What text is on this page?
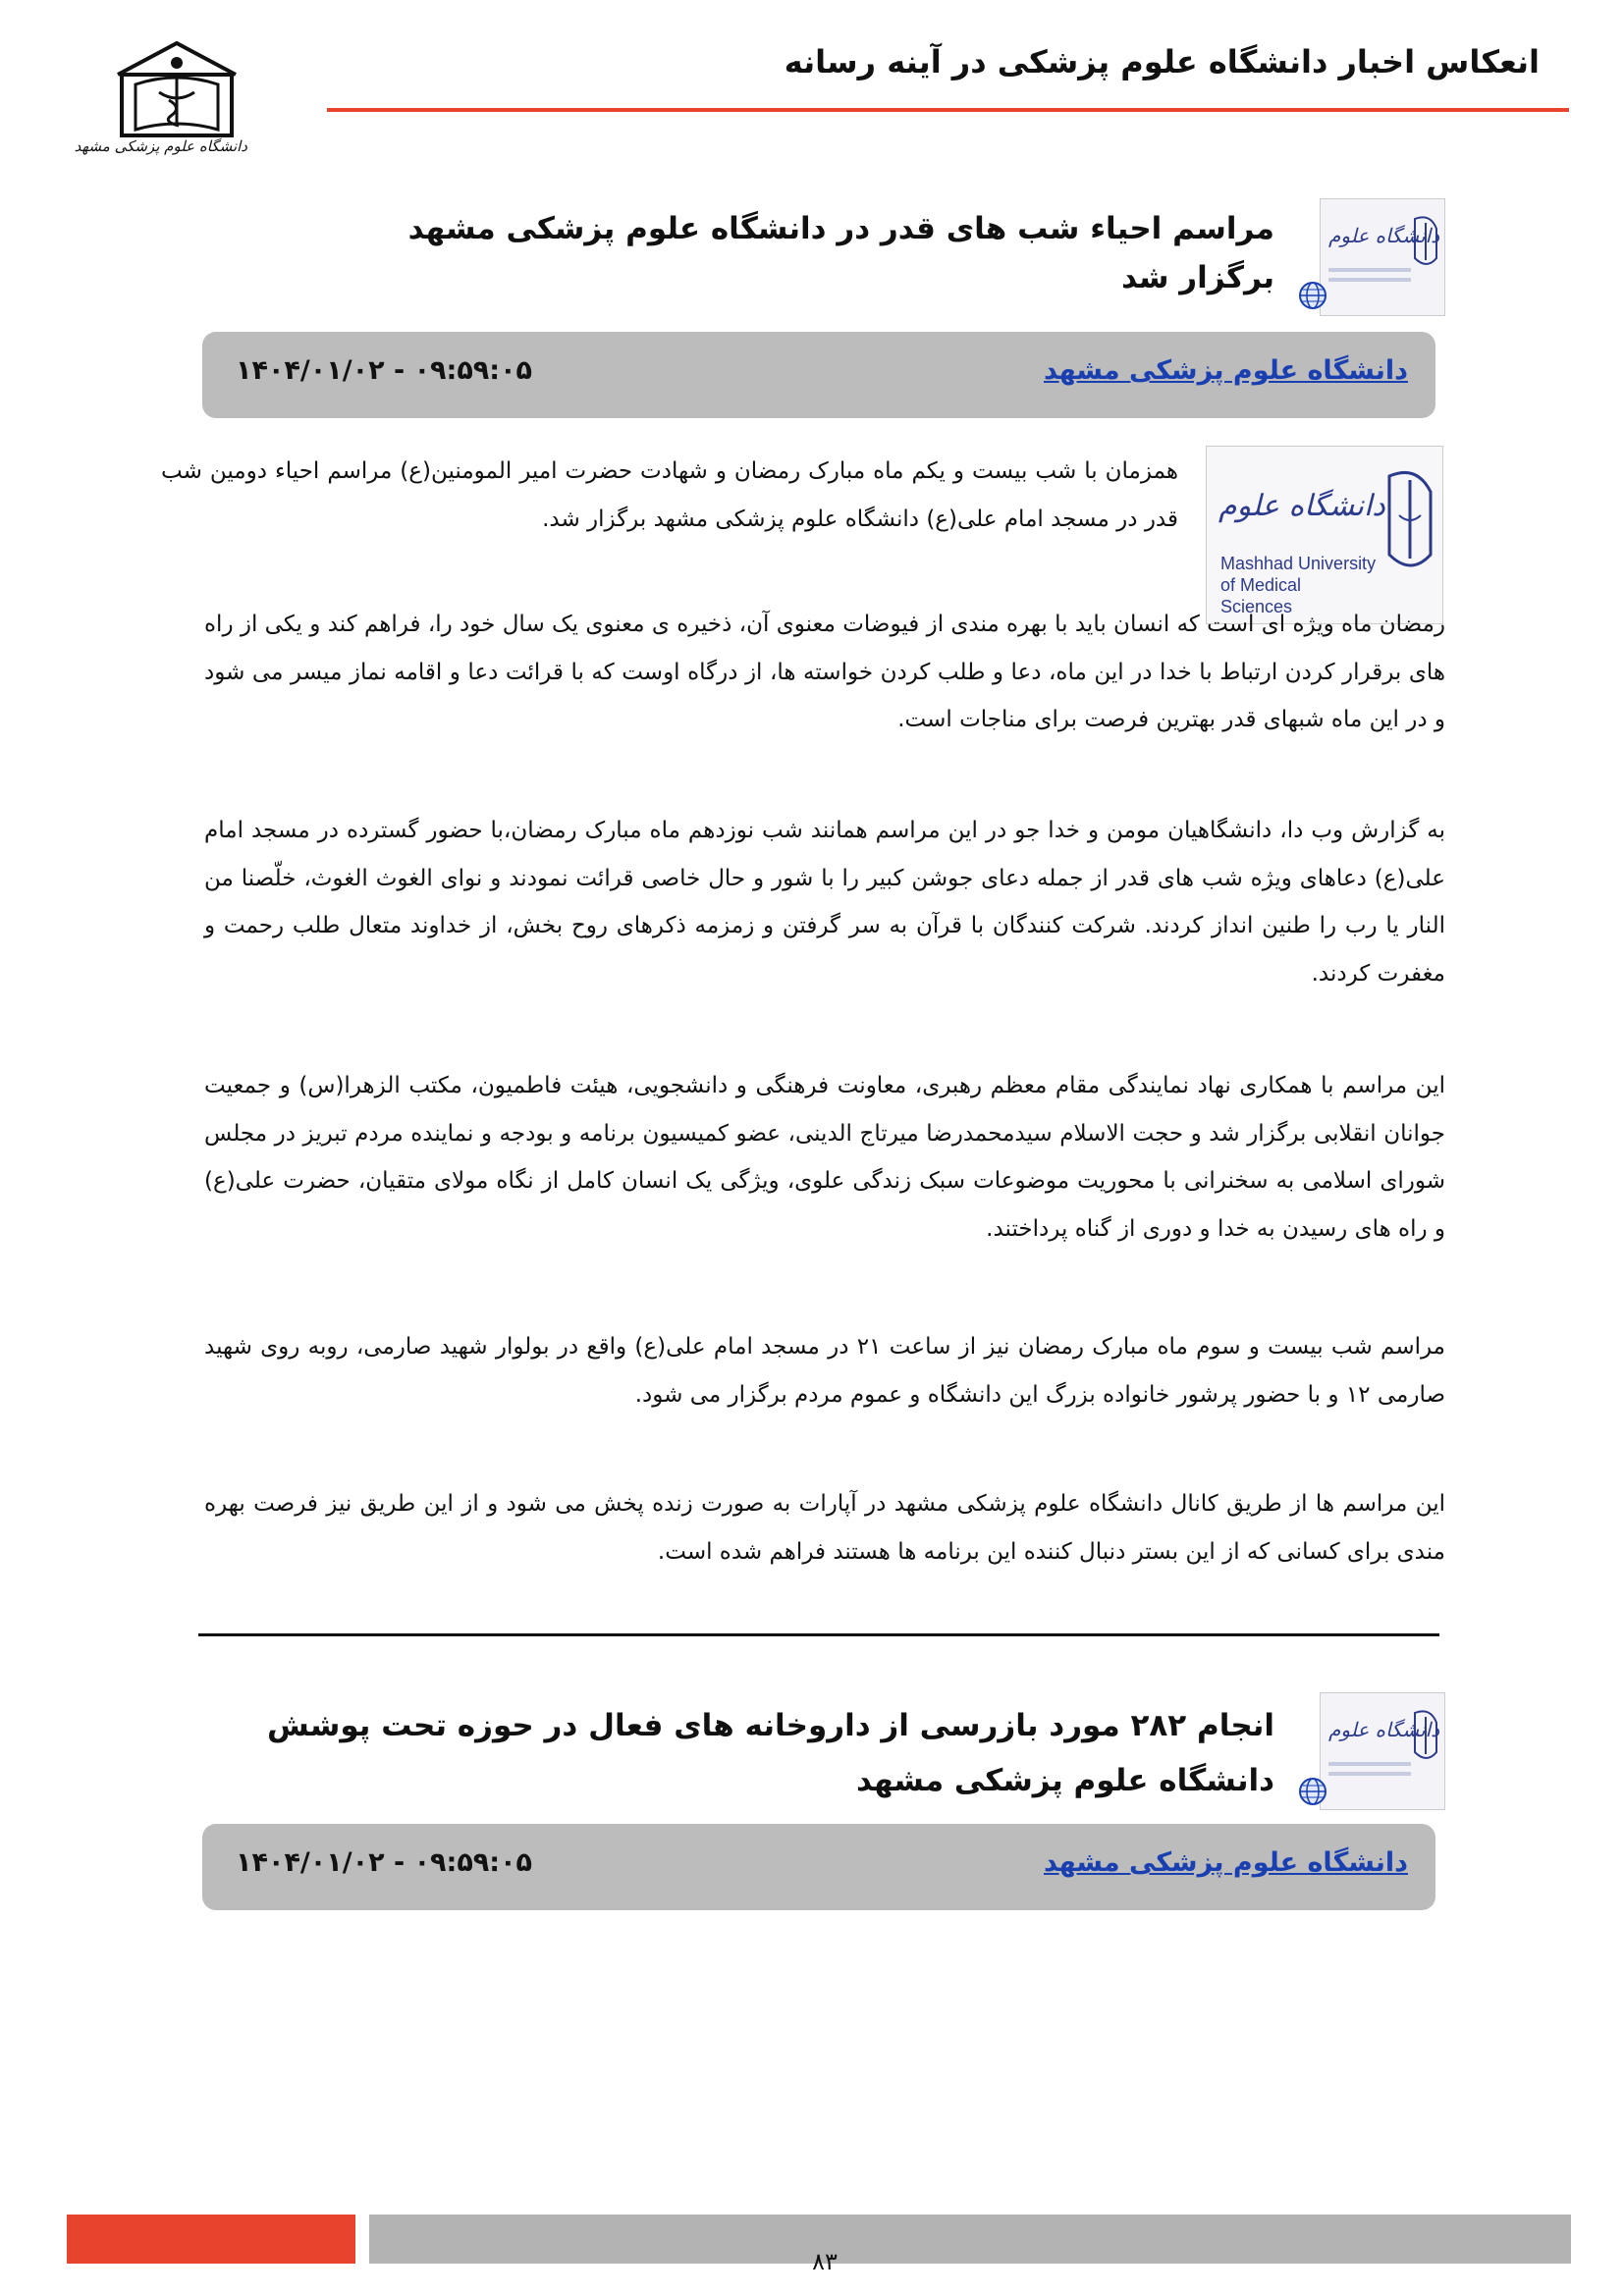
دانشگاه علوم پزشکی مشهد
انعکاس اخبار دانشگاه علوم پزشکی در آینه رسانه
دانشگاه علوم
مراسم احیاء شب های قدر در دانشگاه علوم پزشکی مشهد برگزار شد
دانشگاه علوم پزشکی مشهد
۱۴۰۴/۰۱/۰۲ - ۰۹:۵۹:۰۵
دانشگاه علوم
Mashhad University of Medical Sciences
همزمان با شب بیست و یکم ماه مبارک رمضان و شهادت حضرت امیر المومنین(ع) مراسم احیاء دومین شب قدر در مسجد امام علی(ع) دانشگاه علوم پزشکی مشهد برگزار شد.
رمضان ماه ویژه ای است که انسان باید با بهره مندی از فیوضات معنوی آن، ذخیره ی معنوی یک سال خود را، فراهم کند و یکی از راه های برقرار کردن ارتباط با خدا در این ماه، دعا و طلب کردن خواسته ها، از درگاه اوست که با قرائت دعا و اقامه نماز میسر می شود و در این ماه شبهای قدر بهترین فرصت برای مناجات است.
به گزارش وب دا، دانشگاهیان مومن و خدا جو در این مراسم همانند شب نوزدهم ماه مبارک رمضان،با حضور گسترده در مسجد امام علی(ع) دعاهای ویژه شب های قدر از جمله دعای جوشن کبیر را با شور و حال خاصی قرائت نمودند و نوای الغوث الغوث، خلّصنا من النار یا رب را طنین انداز کردند. شرکت کنندگان با قرآن به سر گرفتن و زمزمه ذکرهای روح بخش، از خداوند متعال طلب رحمت و مغفرت کردند.
این مراسم با همکاری نهاد نمایندگی مقام معظم رهبری، معاونت فرهنگی و دانشجویی، هیئت فاطمیون، مکتب الزهرا(س) و جمعیت جوانان انقلابی برگزار شد و حجت الاسلام سیدمحمدرضا میرتاج الدینی، عضو کمیسیون برنامه و بودجه و نماینده مردم تبریز در مجلس شورای اسلامی به سخنرانی با محوریت موضوعات سبک زندگی علوی، ویژگی یک انسان کامل از نگاه مولای متقیان، حضرت علی(ع) و راه های رسیدن به خدا و دوری از گناه پرداختند.
مراسم شب بیست و سوم ماه مبارک رمضان نیز از ساعت ۲۱ در مسجد امام علی(ع) واقع در بولوار شهید صارمی، روبه روی شهید صارمی ۱۲ و با حضور پرشور خانواده بزرگ این دانشگاه و عموم مردم برگزار می شود.
این مراسم ها از طریق کانال دانشگاه علوم پزشکی مشهد در آپارات به صورت زنده پخش می شود و از این طریق نیز فرصت بهره مندی برای کسانی که از این بستر دنبال کننده این برنامه ها هستند فراهم شده است.
دانشگاه علوم
انجام ۲۸۲ مورد بازرسی از داروخانه های فعال در حوزه تحت پوشش دانشگاه علوم پزشکی مشهد
دانشگاه علوم پزشکی مشهد
۱۴۰۴/۰۱/۰۲ - ۰۹:۵۹:۰۵
۸۳
